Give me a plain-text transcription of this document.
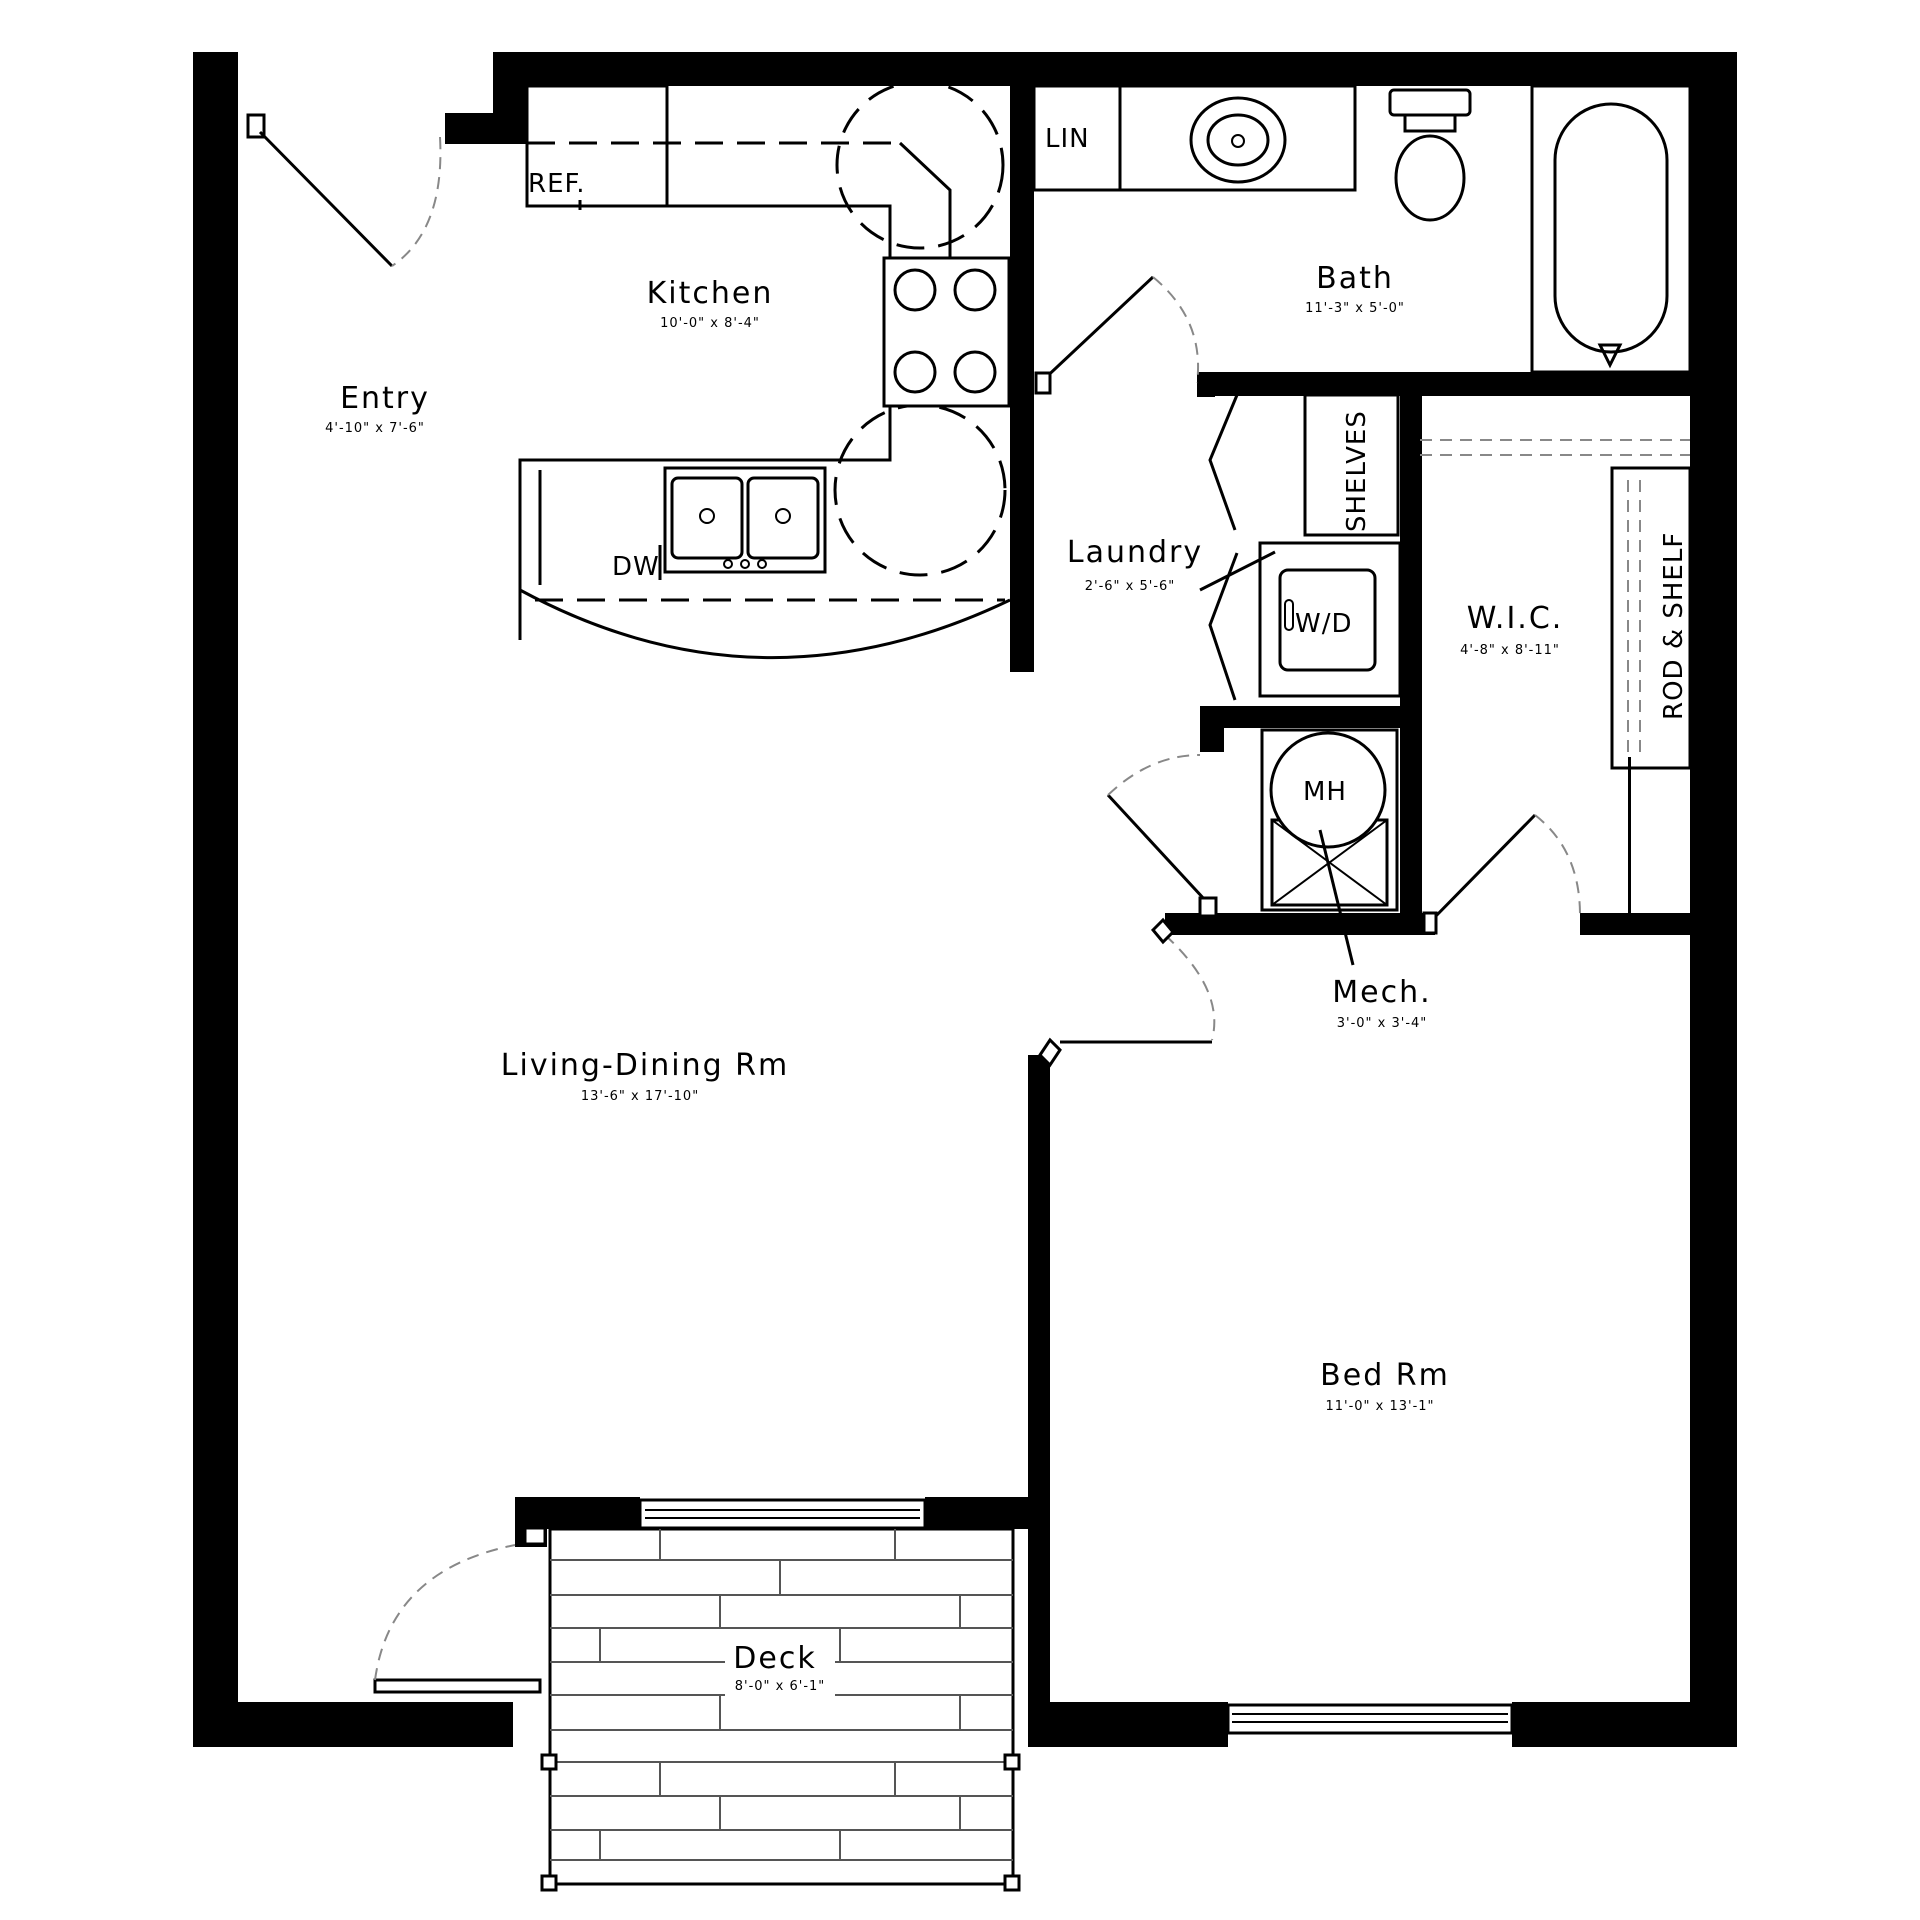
REF.
DW
LIN
SHELVES
W/D
MH
ROD & SHELF
Entry
4'-10" x 7'-6"
Kitchen
10'-0" x 8'-4"
Bath
11'-3" x 5'-0"
Laundry
2'-6" x 5'-6"
W.I.C.
4'-8" x 8'-11"
Mech.
3'-0" x 3'-4"
Living-Dining Rm
13'-6" x 17'-10"
Bed Rm
11'-0" x 13'-1"
Deck
8'-0" x 6'-1"
